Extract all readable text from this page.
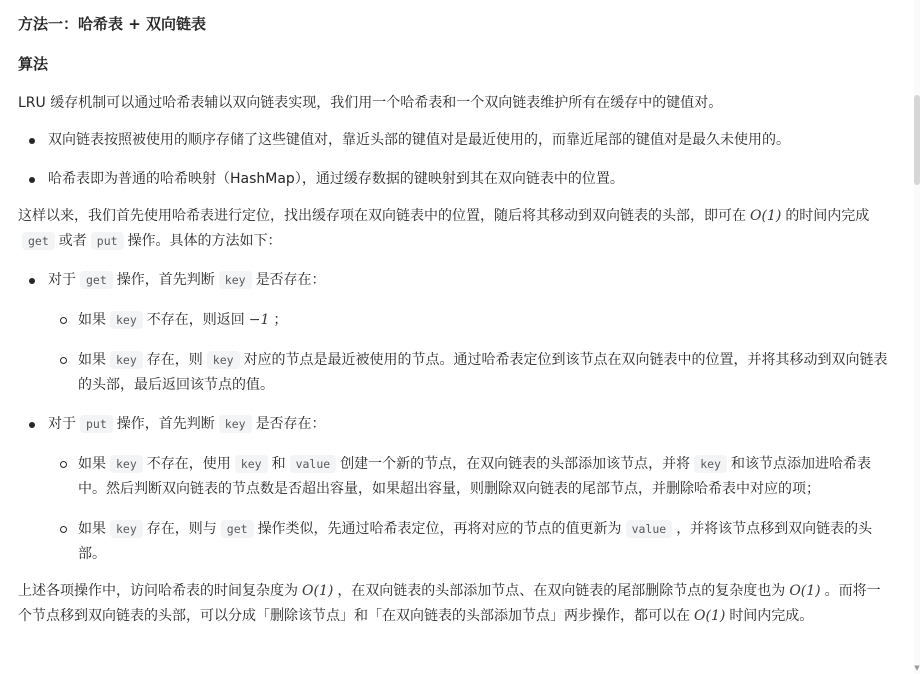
方法一：哈希表 + 双向链表
算法

LRU 缓存机制可以通过哈希表辅以双向链表实现，我们用一个哈希表和一个双向链表维护所有在缓存中的键值对。

双向链表按照被使用的顺序存储了这些键值对，靠近头部的键值对是最近使用的，而靠近尾部的键值对是最久未使用的。
哈希表即为普通的哈希映射（HashMap），通过缓存数据的键映射到其在双向链表中的位置。

这样以来，我们首先使用哈希表进行定位，找出缓存项在双向链表中的位置，随后将其移动到双向链表的头部，即可在 O(1) 的时间内完成get 或者 put 操作。具体的方法如下：

对于 get 操作，首先判断 key 是否存在：
如果 key 不存在，则返回 −1 ；
如果 key 存在，则 key 对应的节点是最近被使用的节点。通过哈希表定位到该节点在双向链表中的位置，并将其移动到双向链表的头部，最后返回该节点的值。
对于 put 操作，首先判断 key 是否存在：
如果 key 不存在，使用 key 和 value 创建一个新的节点，在双向链表的头部添加该节点，并将 key 和该节点添加进哈希表中。然后判断双向链表的节点数是否超出容量，如果超出容量，则删除双向链表的尾部节点，并删除哈希表中对应的项；
如果 key 存在，则与 get 操作类似，先通过哈希表定位，再将对应的节点的值更新为 value ，并将该节点移到双向链表的头部。

上述各项操作中，访问哈希表的时间复杂度为 O(1) ，在双向链表的头部添加节点、在双向链表的尾部删除节点的复杂度也为 O(1) 。而将一个节点移到双向链表的头部，可以分成「删除该节点」和「在双向链表的头部添加节点」两步操作，都可以在 O(1) 时间内完成。

▼
